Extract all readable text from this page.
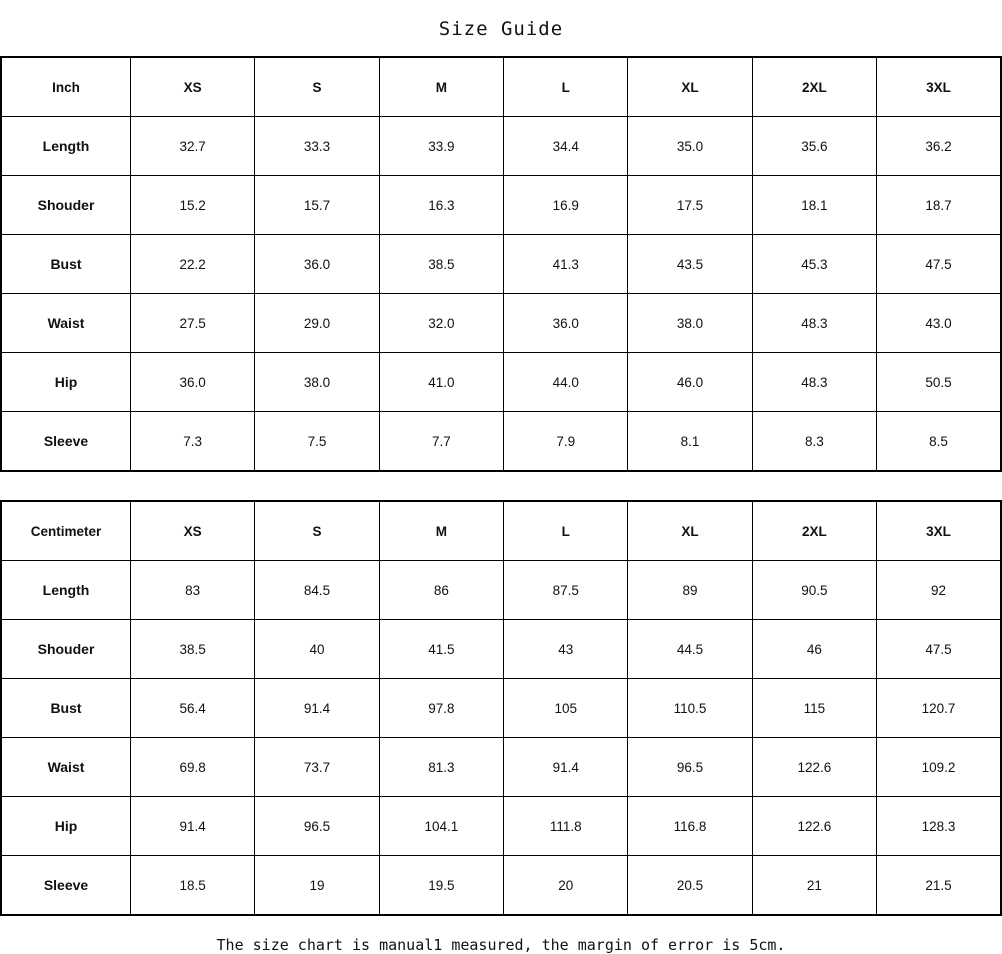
Size Guide
Inch	XS	S	M	L	XL	2XL	3XL
Length	32.7	33.3	33.9	34.4	35.0	35.6	36.2
Shouder	15.2	15.7	16.3	16.9	17.5	18.1	18.7
Bust	22.2	36.0	38.5	41.3	43.5	45.3	47.5
Waist	27.5	29.0	32.0	36.0	38.0	48.3	43.0
Hip	36.0	38.0	41.0	44.0	46.0	48.3	50.5
Sleeve	7.3	7.5	7.7	7.9	8.1	8.3	8.5
Centimeter	XS	S	M	L	XL	2XL	3XL
Length	83	84.5	86	87.5	89	90.5	92
Shouder	38.5	40	41.5	43	44.5	46	47.5
Bust	56.4	91.4	97.8	105	110.5	115	120.7
Waist	69.8	73.7	81.3	91.4	96.5	122.6	109.2
Hip	91.4	96.5	104.1	111.8	116.8	122.6	128.3
Sleeve	18.5	19	19.5	20	20.5	21	21.5
The size chart is manual1 measured, the margin of error is 5cm.
